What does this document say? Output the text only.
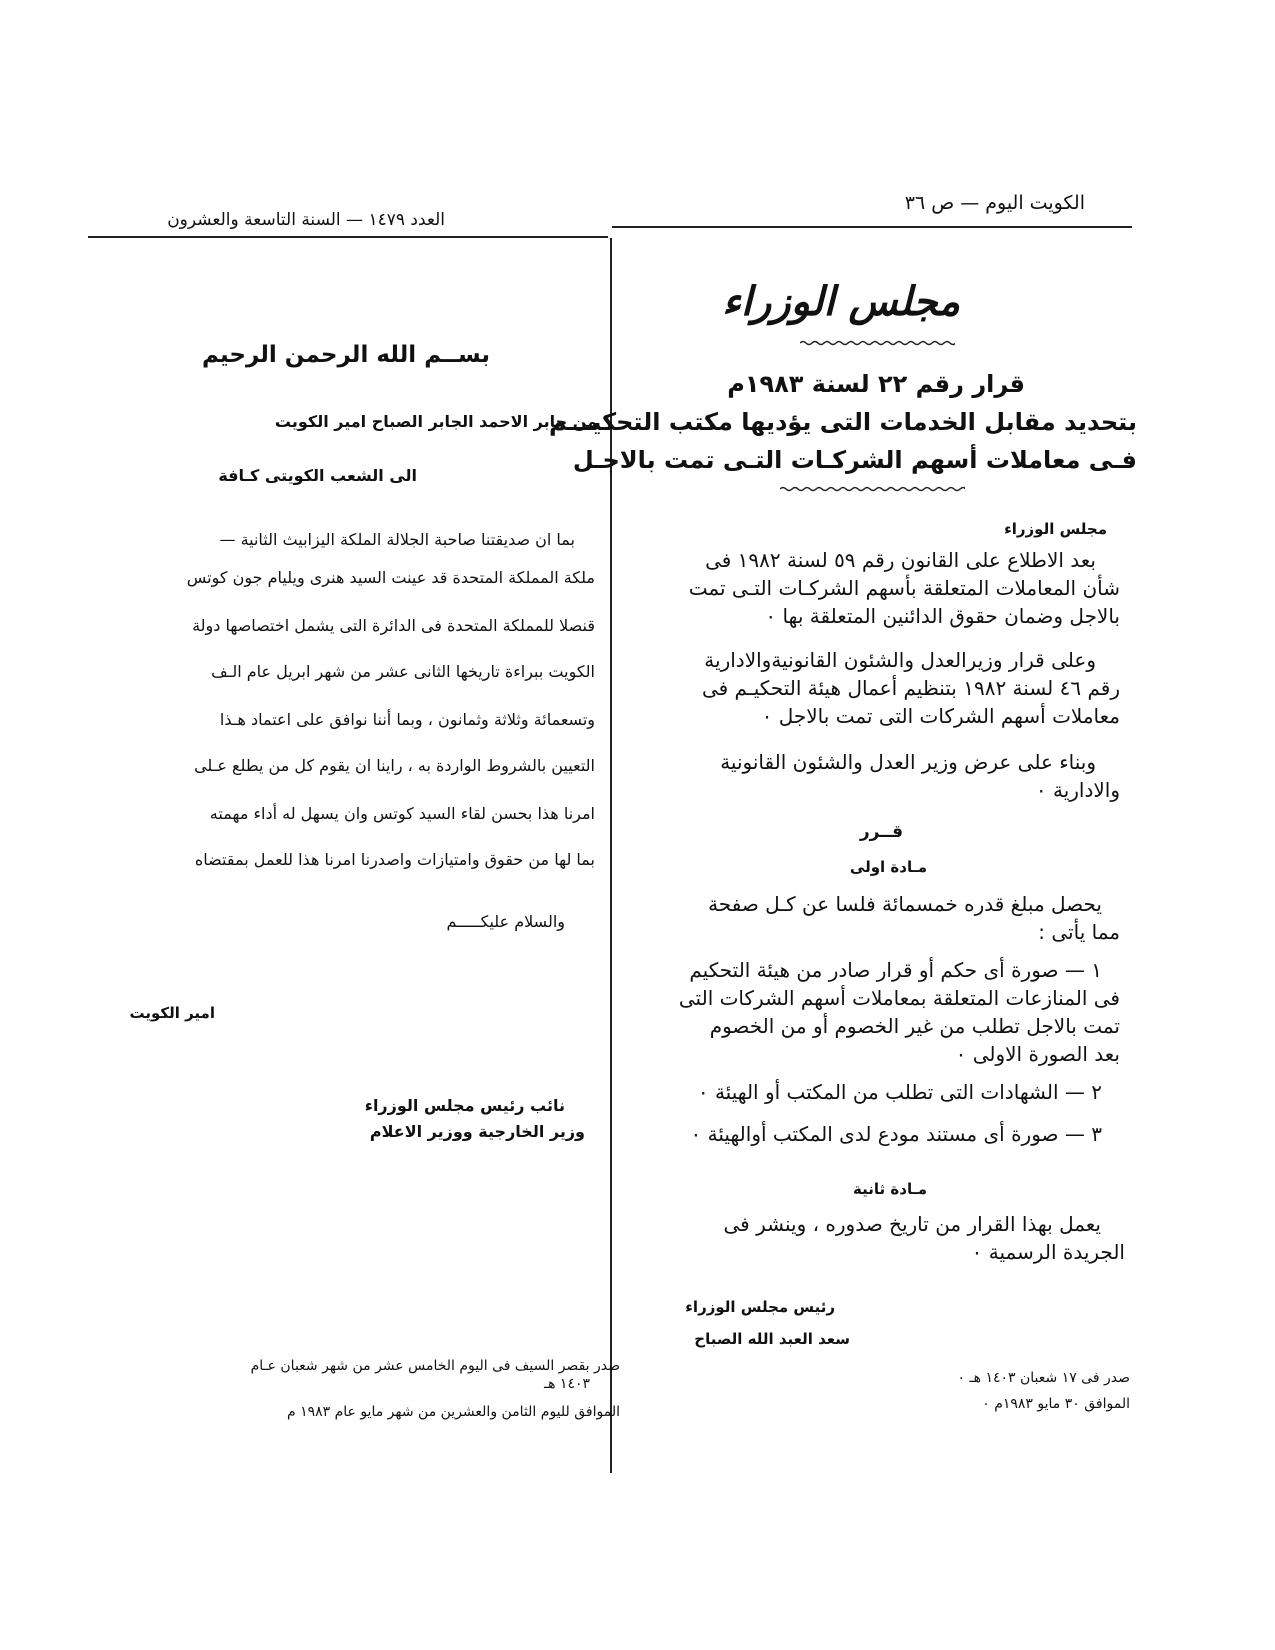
الكويت اليوم — ص ٣٦
العدد ١٤٧٩ — السنة التاسعة والعشرون
مجلس الوزراء
قرار رقم ٢٢ لسنة ١٩٨٣م
بتحديد مقابل الخدمات التى يؤديها مكتب التحكيـــم
فـى معاملات أسهم الشركـات التـى تمت بالاجـل
مجلس الوزراء
بعد الاطلاع على القانون رقم ٥٩ لسنة ١٩٨٢ فى
شأن المعاملات المتعلقة بأسهم الشركـات التـى تمت
بالاجل وضمان حقوق الدائنين المتعلقة بها ٠
وعلى قرار وزيرالعدل والشئون القانونيةوالادارية
رقم ٤٦ لسنة ١٩٨٢ بتنظيم أعمال هيئة التحكيـم فى
معاملات أسهم الشركات التى تمت بالاجل ٠
وبناء على عرض وزير العدل والشئون القانونية
والادارية ٠
قــرر
مـادة اولى
يحصل مبلغ قدره خمسمائة فلسا عن كـل صفحة
مما يأتى :
١ — صورة أى حكم أو قرار صادر من هيئة التحكيم
فى المنازعات المتعلقة بمعاملات أسهم الشركات التى
تمت بالاجل تطلب من غير الخصوم أو من الخصوم
بعد الصورة الاولى ٠
٢ — الشهادات التى تطلب من المكتب أو الهيئة ٠
٣ — صورة أى مستند مودع لدى المكتب أوالهيئة ٠
مـادة ثانية
يعمل بهذا القرار من تاريخ صدوره ، وينشر فى
الجريدة الرسمية ٠
رئيس مجلس الوزراء
سعد العبد الله الصباح
صدر فى ١٧ شعبان ١٤٠٣ هـ ٠
الموافق ٣٠ مايو ١٩٨٣م ٠
بســم الله الرحمن الرحيم
من جابر الاحمد الجابر الصباح امير الكويت
الى الشعب الكويتى كـافة
بما ان صديقتنا صاحبة الجلالة الملكة اليزابيث الثانية —
ملكة المملكة المتحدة قد عينت السيد هنرى ويليام جون كوتس
قنصلا للمملكة المتحدة فى الدائرة التى يشمل اختصاصها دولة
الكويت ببراءة تاريخها الثانى عشر من شهر ابريل عام الـف
وتسعمائة وثلاثة وثمانون ، وبما أننا نوافق على اعتماد هـذا
التعيين بالشروط الواردة به ، راينا ان يقوم كل من يطلع عـلى
امرنا هذا بحسن لقاء السيد كوتس وان يسهل له أداء مهمته
بما لها من حقوق وامتيازات واصدرنا امرنا هذا للعمل بمقتضاه
والسلام عليكـــــم
امير الكويت
نائب رئيس مجلس الوزراء
وزير الخارجية ووزير الاعلام
صدر بقصر السيف فى اليوم الخامس عشر من شهر شعبان عـام
١٤٠٣ هـ
الموافق لليوم الثامن والعشرين من شهر مايو عام ١٩٨٣ م
